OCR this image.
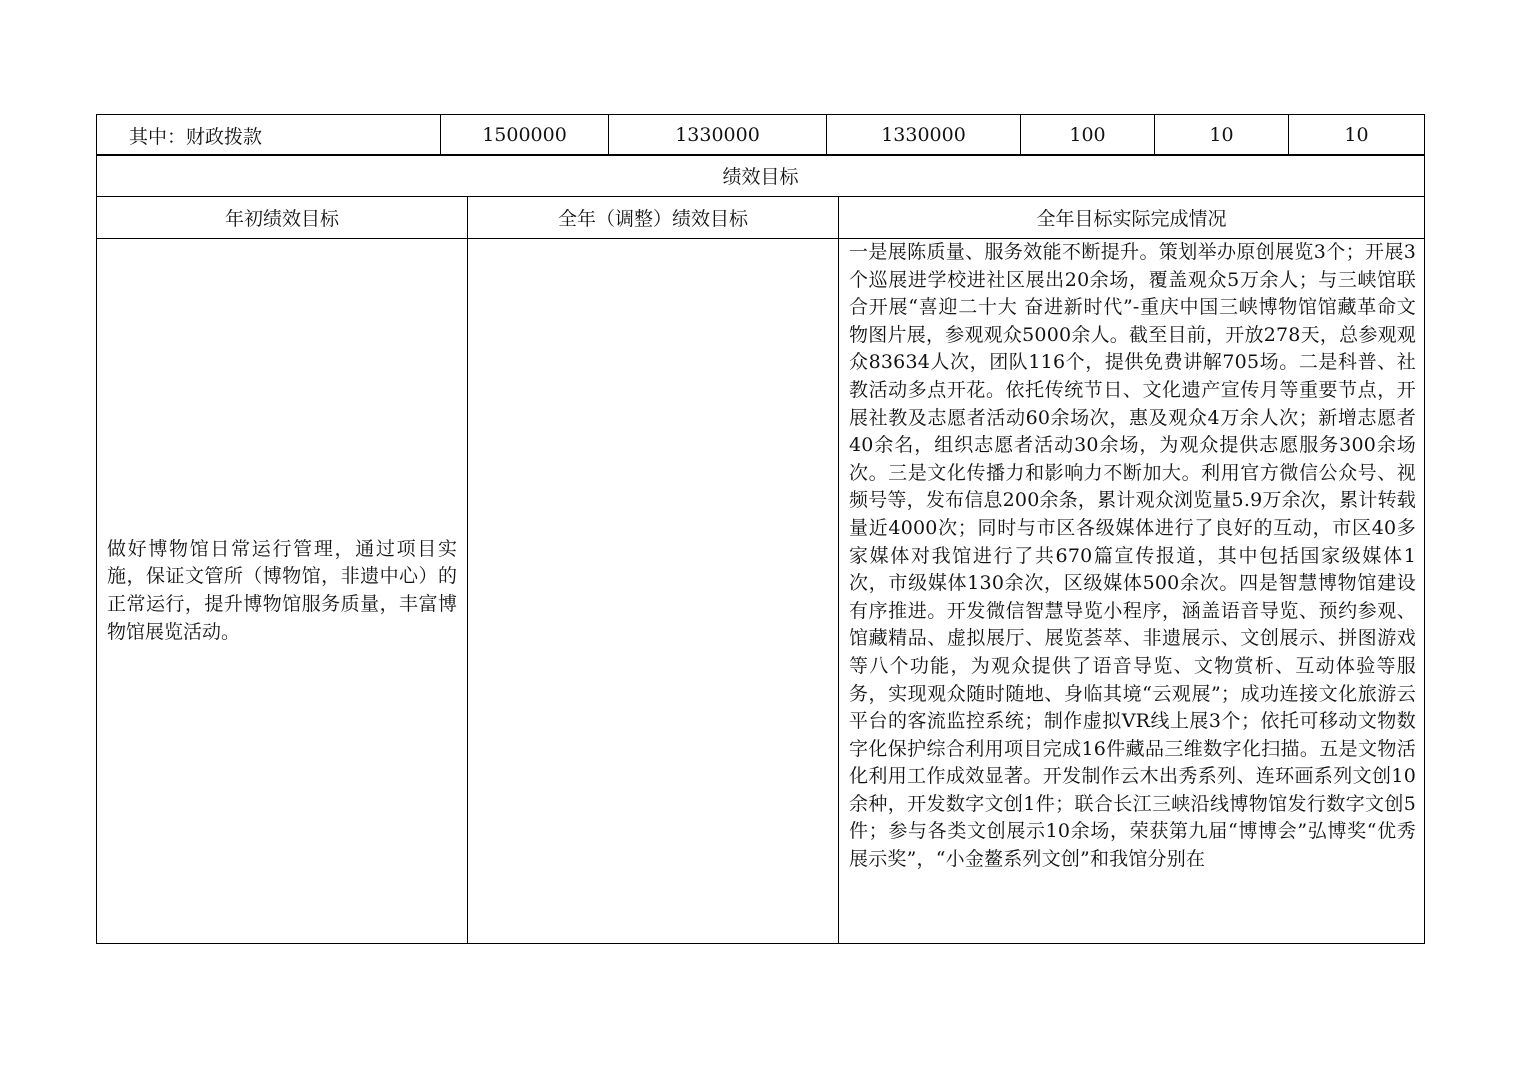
其中：财政拨款	1500000	1330000	1330000	100	10	10
绩效目标		
年初绩效目标	全年（调整）绩效目标	全年目标实际完成情况

做好博物馆日常运行管理，通过项目实施，保证文管所（博物馆，非遗中心）的正常运行，提升博物馆服务质量，丰富博物馆展览活动。		一是展陈质量、服务效能不断提升。策划举办原创展览3个；开展3个巡展进学校进社区展出20余场，覆盖观众5万余人；与三峡馆联合开展“喜迎二十大 奋进新时代”-重庆中国三峡博物馆馆藏革命文物图片展，参观观众5000余人。截至目前，开放278天，总参观观众83634人次，团队116个，提供免费讲解705场。二是科普、社教活动多点开花。依托传统节日、文化遗产宣传月等重要节点，开展社教及志愿者活动60余场次，惠及观众4万余人次；新增志愿者40余名，组织志愿者活动30余场，为观众提供志愿服务300余场次。三是文化传播力和影响力不断加大。利用官方微信公众号、视频号等，发布信息200余条，累计观众浏览量5.9万余次，累计转载量近4000次；同时与市区各级媒体进行了良好的互动，市区40多家媒体对我馆进行了共670篇宣传报道，其中包括国家级媒体1次，市级媒体130余次，区级媒体500余次。四是智慧博物馆建设有序推进。开发微信智慧导览小程序，涵盖语音导览、预约参观、馆藏精品、虚拟展厅、展览荟萃、非遗展示、文创展示、拼图游戏等八个功能，为观众提供了语音导览、文物赏析、互动体验等服务，实现观众随时随地、身临其境“云观展”；成功连接文化旅游云平台的客流监控系统；制作虚拟VR线上展3个；依托可移动文物数字化保护综合利用项目完成16件藏品三维数字化扫描。五是文物活化利用工作成效显著。开发制作云木出秀系列、连环画系列文创10余种，开发数字文创1件；联合长江三峡沿线博物馆发行数字文创5件；参与各类文创展示10余场，荣获第九届“博博会”弘博奖“优秀展示奖”，“小金鳌系列文创”和我馆分别在
